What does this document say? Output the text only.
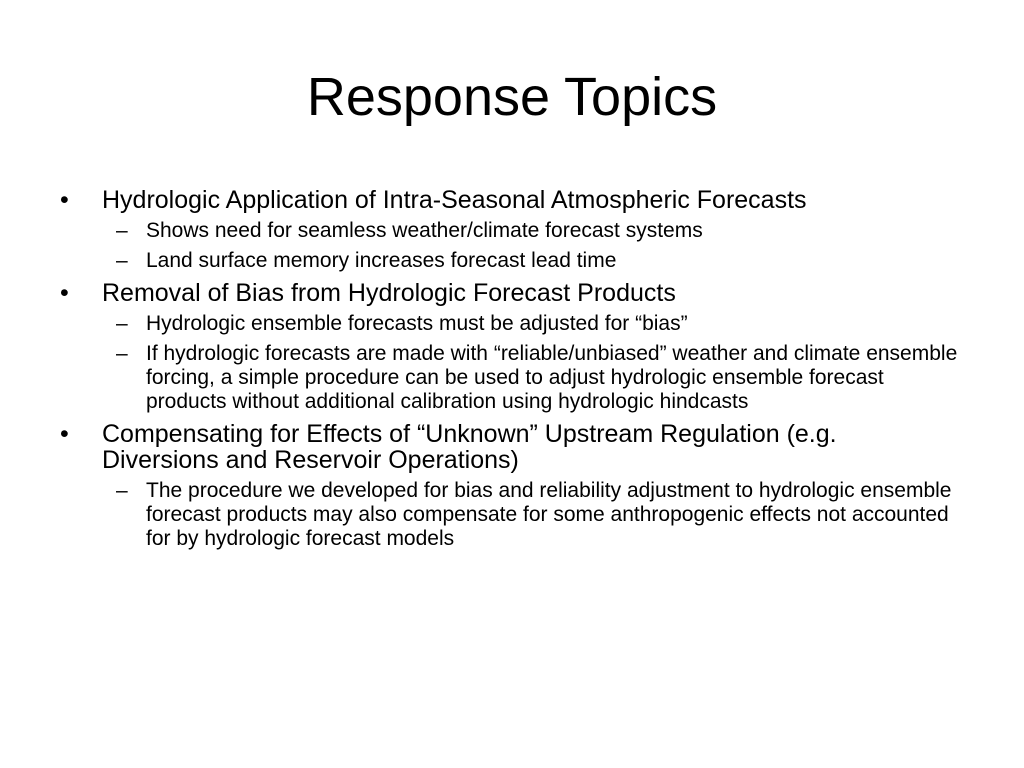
Response Topics
•	Hydrologic Application of Intra-Seasonal Atmospheric Forecasts
– Shows need for seamless weather/climate forecast systems
– Land surface memory increases forecast lead time
•	Removal of Bias from Hydrologic Forecast Products
– Hydrologic ensemble forecasts must be adjusted for “bias”
– If hydrologic forecasts are made with “reliable/unbiased” weather and climate ensemble forcing, a simple procedure can be used to adjust hydrologic ensemble forecast products without additional calibration using hydrologic hindcasts
•	Compensating for Effects of “Unknown” Upstream Regulation (e.g. Diversions and Reservoir Operations)
– The procedure we developed for bias and reliability adjustment to hydrologic ensemble forecast products may also compensate for some anthropogenic effects not accounted for by hydrologic forecast models
